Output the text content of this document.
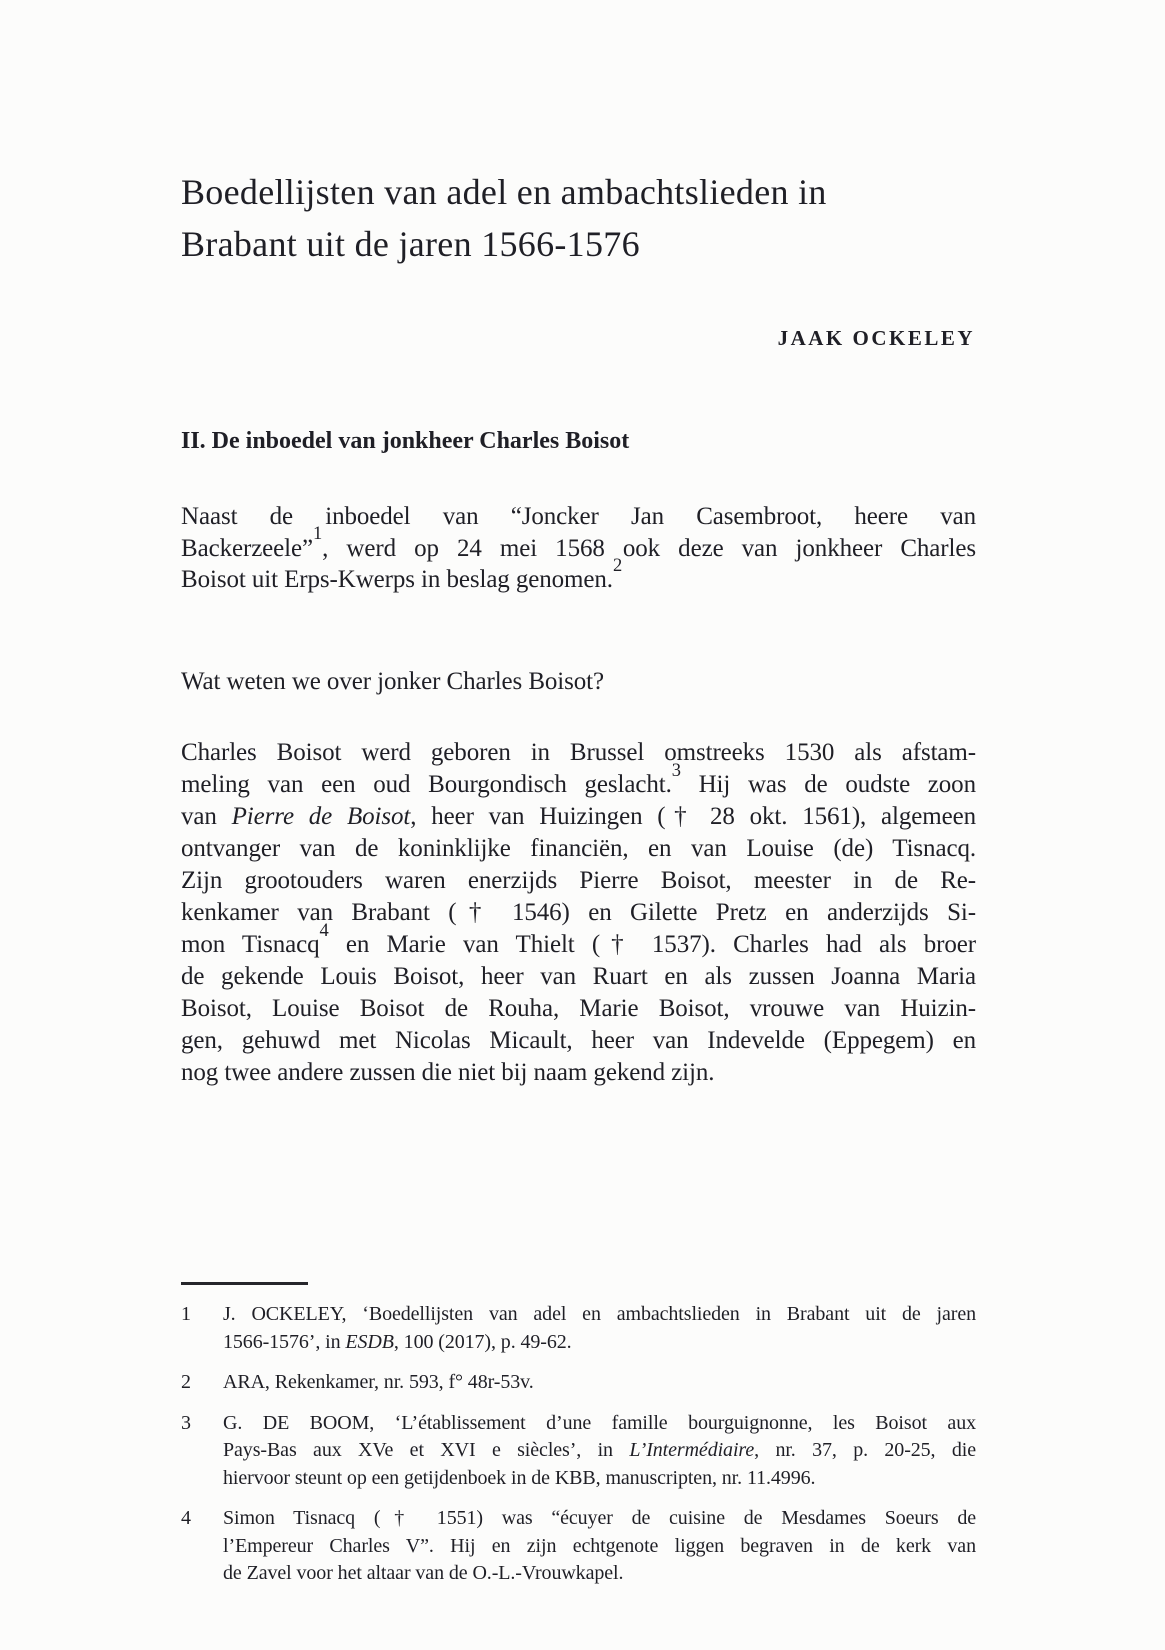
Boedellijsten van adel en ambachtslieden in
Brabant uit de jaren 1566-1576
JAAK OCKELEY
II. De inboedel van jonkheer Charles Boisot
Naast de inboedel van “Joncker Jan Casembroot, heere van
Backerzeele”$^1$, werd op 24 mei 1568 ook deze van jonkheer Charles
Boisot uit Erps-Kwerps in beslag genomen.$^2$
Wat weten we over jonker Charles Boisot?
Charles Boisot werd geboren in Brussel omstreeks 1530 als afstam-
meling van een oud Bourgondisch geslacht.$^3$ Hij was de oudste zoon
van Pierre de Boisot, heer van Huizingen († 28 okt. 1561), algemeen
ontvanger van de koninklijke financiën, en van Louise (de) Tisnacq.
Zijn grootouders waren enerzijds Pierre Boisot, meester in de Re-
kenkamer van Brabant († 1546) en Gilette Pretz en anderzijds Si-
mon Tisnacq$^4$ en Marie van Thielt († 1537). Charles had als broer
de gekende Louis Boisot, heer van Ruart en als zussen Joanna Maria
Boisot, Louise Boisot de Rouha, Marie Boisot, vrouwe van Huizin-
gen, gehuwd met Nicolas Micault, heer van Indevelde (Eppegem) en
nog twee andere zussen die niet bij naam gekend zijn.
1	J. OCKELEY, ‘Boedellijsten van adel en ambachtslieden in Brabant uit de jaren
1566-1576’, in ESDB, 100 (2017), p. 49-62.
2	ARA, Rekenkamer, nr. 593, f° 48r-53v.
3	G. DE BOOM, ‘L’établissement d’une famille bourguignonne, les Boisot aux
Pays-Bas aux XVe et XVI e siècles’, in L’Intermédiaire, nr. 37, p. 20-25, die
hiervoor steunt op een getijdenboek in de KBB, manuscripten, nr. 11.4996.
4	Simon Tisnacq († 1551) was “écuyer de cuisine de Mesdames Soeurs de
l’Empereur Charles V”. Hij en zijn echtgenote liggen begraven in de kerk van
de Zavel voor het altaar van de O.-L.-Vrouwkapel.
